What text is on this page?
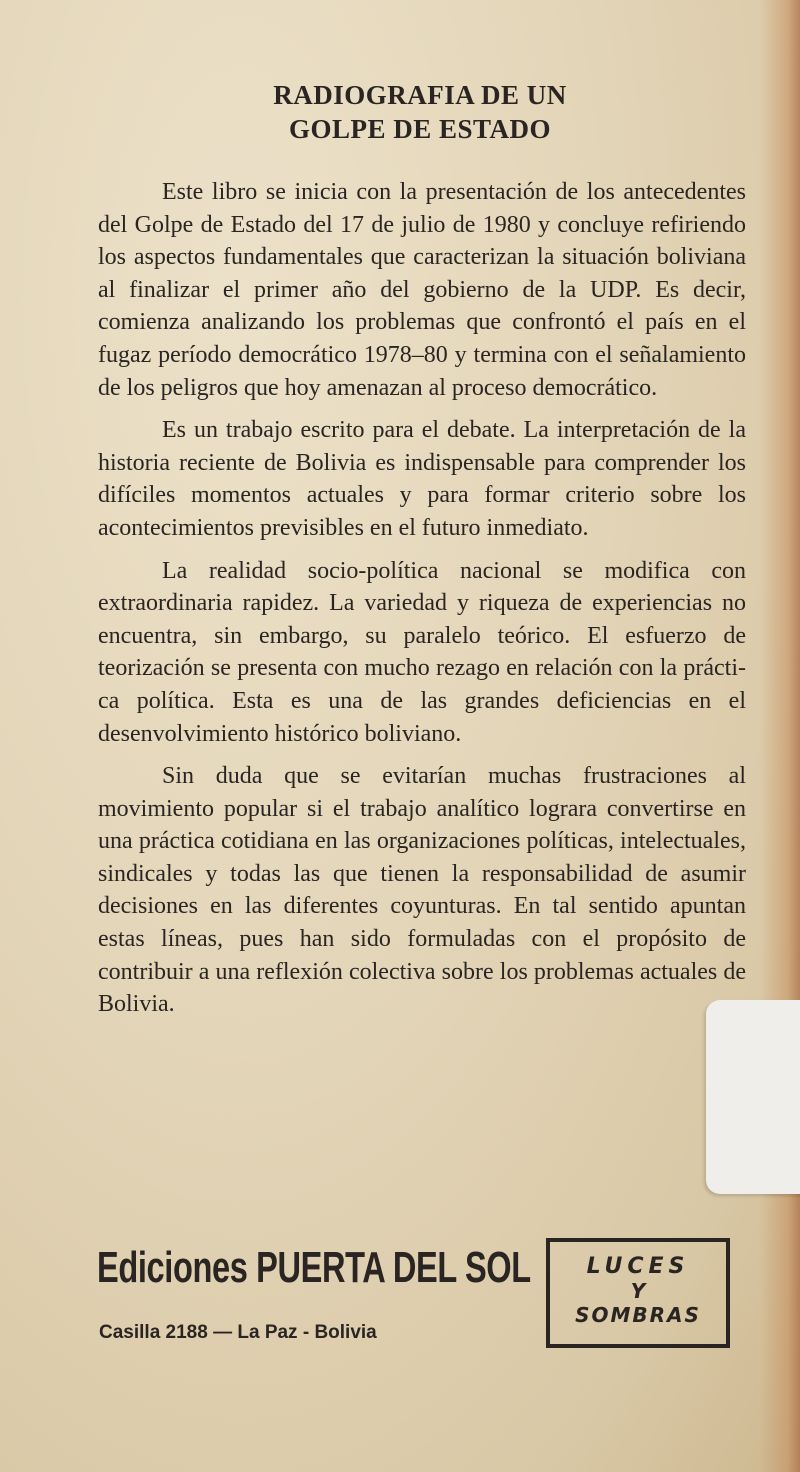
RADIOGRAFIA DE UN
GOLPE DE ESTADO

Este libro se inicia con la presentación de los antecedentes del Golpe de Estado del 17 de julio de 1980 y concluye refiriendo los aspectos fundamentales que caracterizan la situación boliviana al finalizar el primer año del gobierno de la UDP. Es decir, comienza analizando los problemas que confrontó el país en el fugaz período democrático 1978–80 y termina con el señalamiento de los peligros que hoy amenazan al proceso democrático.

Es un trabajo escrito para el debate. La interpretación de la historia reciente de Bolivia es indispensable para comprender los difíciles momentos actuales y para formar criterio sobre los acontecimientos previsibles en el futuro inmediato.

La realidad socio-política nacional se modifica con extraordinaria rapidez. La variedad y riqueza de experiencias no encuentra, sin embargo, su paralelo teórico. El esfuerzo de teorización se presenta con mucho rezago en relación con la práctica política. Esta es una de las grandes deficiencias en el desenvolvimiento histórico boliviano.

Sin duda que se evitarían muchas frustraciones al movimiento popular si el trabajo analítico lograra convertirse en una práctica cotidiana en las organizaciones políticas, intelectuales, sindicales y todas las que tienen la responsabilidad de asumir decisiones en las diferentes coyunturas. En tal sentido apuntan estas líneas, pues han sido formuladas con el propósito de contribuir a una reflexión colectiva sobre los problemas actuales de Bolivia.

Ediciones PUERTA DEL SOL
Casilla 2188 — La Paz - Bolivia
LUCES
Y
SOMBRAS
